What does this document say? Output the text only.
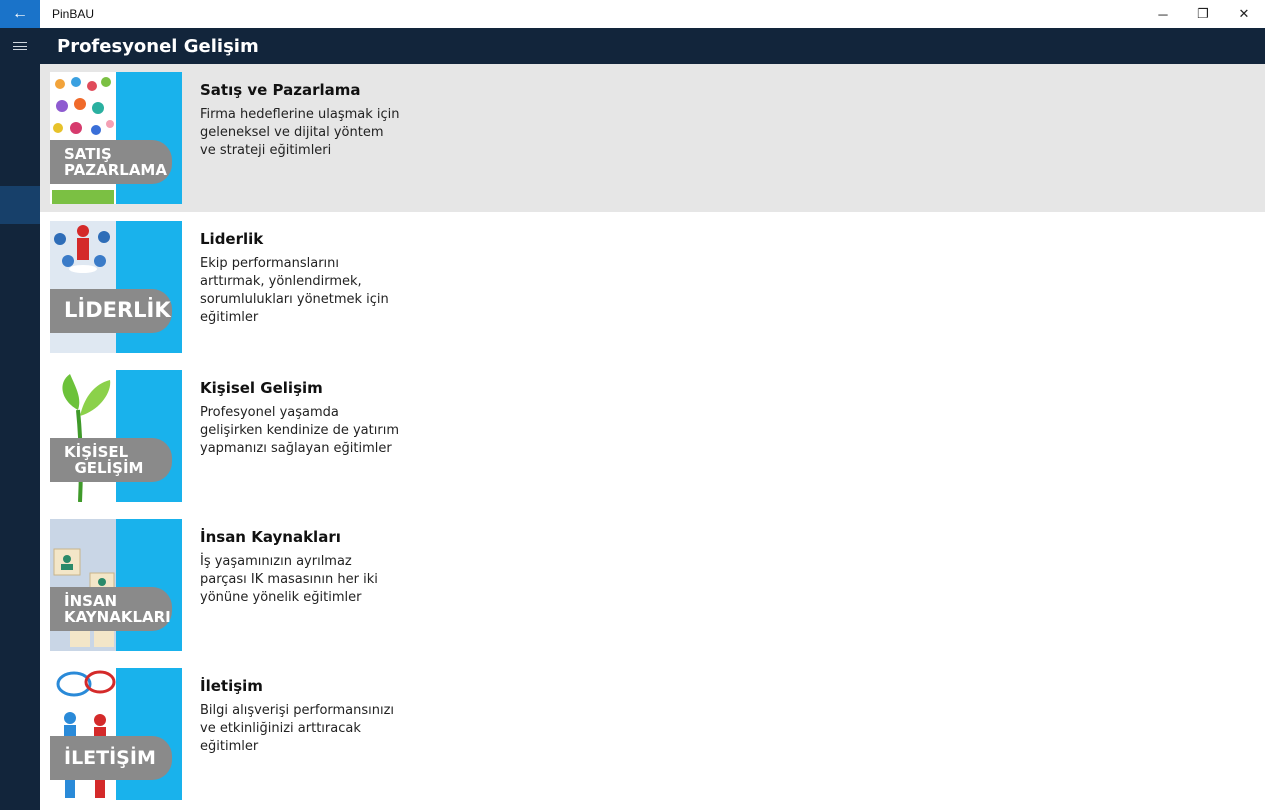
← PinBAU	─ ❐ ✕
Profesyonel Gelişim
SATIŞ
PAZARLAMA
Satış ve Pazarlama
Firma hedeflerine ulaşmak için geleneksel ve dijital yöntem ve strateji eğitimleri
LİDERLİK
Liderlik
Ekip performanslarını arttırmak, yönlendirmek, sorumlulukları yönetmek için eğitimler
KİŞİSEL
GELİŞİM
Kişisel Gelişim
Profesyonel yaşamda gelişirken kendinize de yatırım yapmanızı sağlayan eğitimler
İNSAN
KAYNAKLARI
İnsan Kaynakları
İş yaşamınızın ayrılmaz parçası IK masasının her iki yönüne yönelik eğitimler
İLETİŞİM
İletişim
Bilgi alışverişi performansınızı ve etkinliğinizi arttıracak eğitimler
